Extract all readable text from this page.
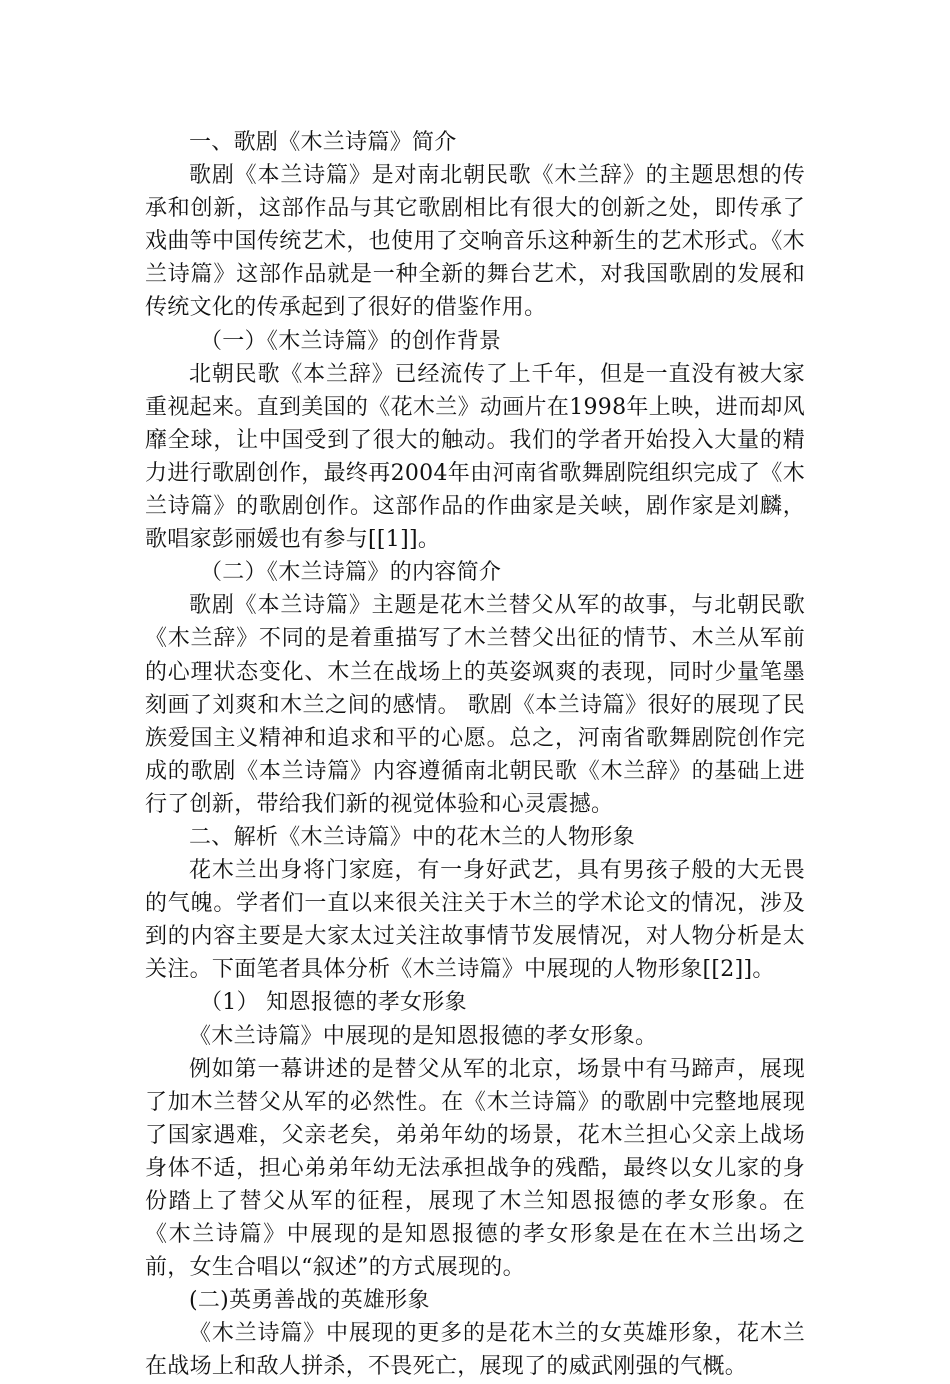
一、歌剧《木兰诗篇》简介

歌剧《本兰诗篇》是对南北朝民歌《木兰辞》的主题思想的传承和创新，这部作品与其它歌剧相比有很大的创新之处，即传承了戏曲等中国传统艺术，也使用了交响音乐这种新生的艺术形式。《木兰诗篇》这部作品就是一种全新的舞台艺术，对我国歌剧的发展和传统文化的传承起到了很好的借鉴作用。

（一）《木兰诗篇》的创作背景

北朝民歌《本兰辞》已经流传了上千年，但是一直没有被大家重视起来。直到美国的《花木兰》动画片在1998年上映，进而却风靡全球，让中国受到了很大的触动。我们的学者开始投入大量的精力进行歌剧创作，最终再2004年由河南省歌舞剧院组织完成了《木兰诗篇》的歌剧创作。这部作品的作曲家是关峡，剧作家是刘麟，歌唱家彭丽媛也有参与[[1]]。

（二）《木兰诗篇》的内容简介

歌剧《本兰诗篇》主题是花木兰替父从军的故事，与北朝民歌《木兰辞》不同的是着重描写了木兰替父出征的情节、木兰从军前的心理状态变化、木兰在战场上的英姿飒爽的表现，同时少量笔墨刻画了刘爽和木兰之间的感情。 歌剧《本兰诗篇》很好的展现了民族爱国主义精神和追求和平的心愿。总之，河南省歌舞剧院创作完成的歌剧《本兰诗篇》内容遵循南北朝民歌《木兰辞》的基础上进行了创新，带给我们新的视觉体验和心灵震撼。

二、解析《木兰诗篇》中的花木兰的人物形象

花木兰出身将门家庭，有一身好武艺，具有男孩子般的大无畏的气魄。学者们一直以来很关注关于木兰的学术论文的情况，涉及到的内容主要是大家太过关注故事情节发展情况，对人物分析是太关注。下面笔者具体分析《木兰诗篇》中展现的人物形象[[2]]。

（1） 知恩报德的孝女形象

《木兰诗篇》中展现的是知恩报德的孝女形象。

例如第一幕讲述的是替父从军的北京，场景中有马蹄声，展现了加木兰替父从军的必然性。在《木兰诗篇》的歌剧中完整地展现了国家遇难，父亲老矣，弟弟年幼的场景，花木兰担心父亲上战场身体不适，担心弟弟年幼无法承担战争的残酷，最终以女儿家的身份踏上了替父从军的征程，展现了木兰知恩报德的孝女形象。在《木兰诗篇》中展现的是知恩报德的孝女形象是在在木兰出场之前，女生合唱以“叙述”的方式展现的。

(二)英勇善战的英雄形象

《木兰诗篇》中展现的更多的是花木兰的女英雄形象，花木兰在战场上和敌人拼杀，不畏死亡，展现了的威武刚强的气概。
